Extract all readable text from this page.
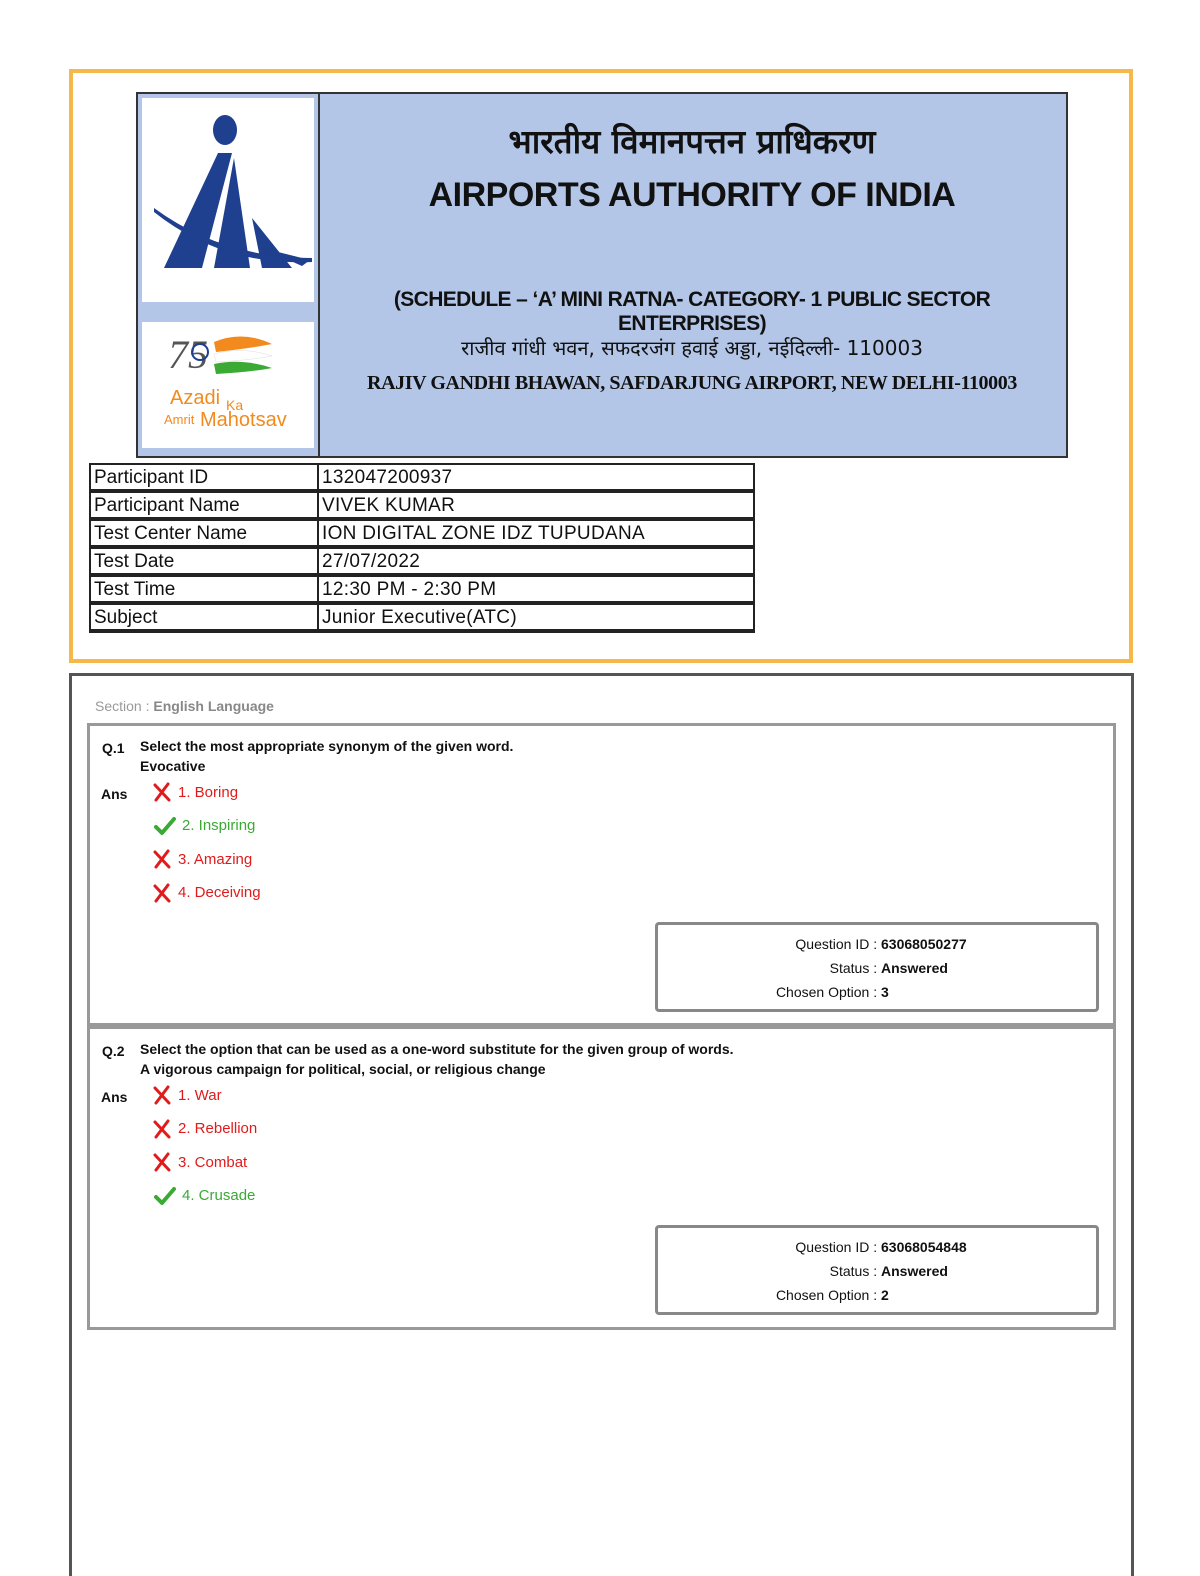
75
Azadi Ka
Amrit Mahotsav
भारतीय विमानपत्तन प्राधिकरण
AIRPORTS AUTHORITY OF INDIA
(SCHEDULE – ‘A’ MINI RATNA- CATEGORY- 1 PUBLIC SECTOR ENTERPRISES)
राजीव गांधी भवन, सफदरजंग हवाई अड्डा, नईदिल्ली- 110003
RAJIV GANDHI BHAWAN, SAFDARJUNG AIRPORT, NEW DELHI-110003
Participant ID	132047200937
Participant Name	VIVEK KUMAR
Test Center Name	ION DIGITAL ZONE IDZ TUPUDANA
Test Date	27/07/2022
Test Time	12:30 PM - 2:30 PM
Subject	Junior Executive(ATC)
Section : English Language
Q.1 Select the most appropriate synonym of the given word.
Evocative
Ans	1. Boring
2. Inspiring
3. Amazing
4. Deceiving
Question ID : 63068050277
Status : Answered
Chosen Option : 3
Q.2 Select the option that can be used as a one-word substitute for the given group of words.
A vigorous campaign for political, social, or religious change
Ans	1. War
2. Rebellion
3. Combat
4. Crusade
Question ID : 63068054848
Status : Answered
Chosen Option : 2
